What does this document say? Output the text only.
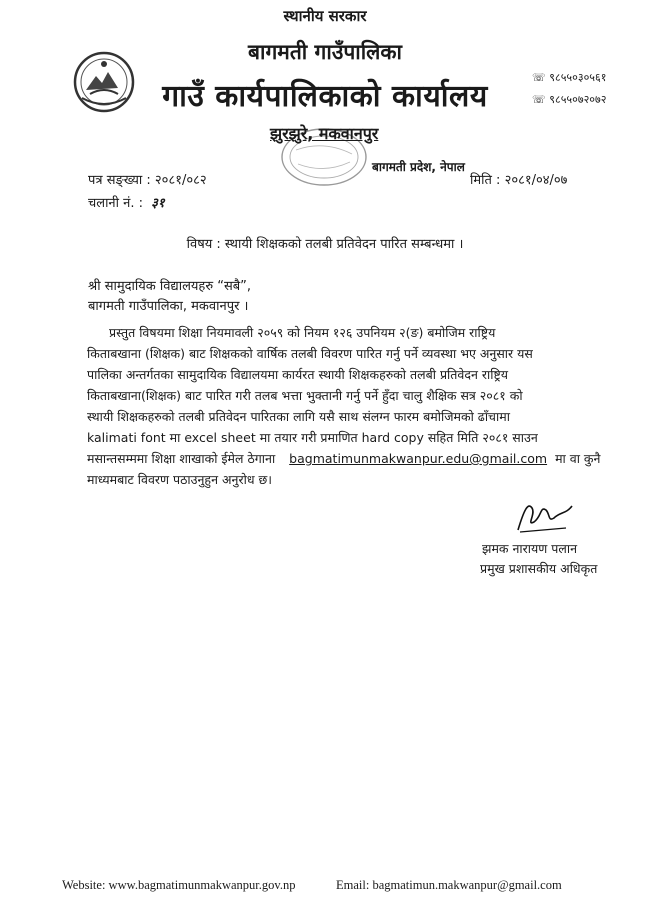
स्थानीय सरकार
बागमती गाउँपालिका
गाउँ कार्यपालिकाको कार्यालय
☏ ९८५५०३०५६१
☏ ९८५५०७२०७२
झुरझुरे, मकवानपुर
बागमती प्रदेश, नेपाल
पत्र सङ्ख्या : २०८१/०८२
चलानी नं. : ३१
मिति : २०८१/०४/०७
विषय : स्थायी शिक्षकको तलबी प्रतिवेदन पारित सम्बन्धमा ।
श्री सामुदायिक विद्यालयहरु “सबै”,
बागमती गाउँपालिका, मकवानपुर ।
प्रस्तुत विषयमा शिक्षा नियमावली २०५९ को नियम १२६ उपनियम २(ङ) बमोजिम राष्ट्रिय
किताबखाना (शिक्षक) बाट शिक्षकको वार्षिक तलबी विवरण पारित गर्नु पर्ने व्यवस्था भए अनुसार यस
पालिका अन्तर्गतका सामुदायिक विद्यालयमा कार्यरत स्थायी शिक्षकहरुको तलबी प्रतिवेदन राष्ट्रिय
किताबखाना(शिक्षक) बाट पारित गरी तलब भत्ता भुक्तानी गर्नु पर्ने हुँदा चालु शैक्षिक सत्र २०८१ को
स्थायी शिक्षकहरुको तलबी प्रतिवेदन पारितका लागि यसै साथ संलग्न फारम बमोजिमको ढाँचामा
kalimati font मा excel sheet मा तयार गरी प्रमाणित hard copy सहित मिति २०८१ साउन
मसान्तसम्ममा शिक्षा शाखाको ईमेल ठेगाना bagmatimunmakwanpur.edu@gmail.com मा वा कुनै
माध्यमबाट विवरण पठाउनुहुन अनुरोध छ।
झमक नारायण पलान
प्रमुख प्रशासकीय अधिकृत
Website: www.bagmatimunmakwanpur.gov.np	Email: bagmatimun.makwanpur@gmail.com
